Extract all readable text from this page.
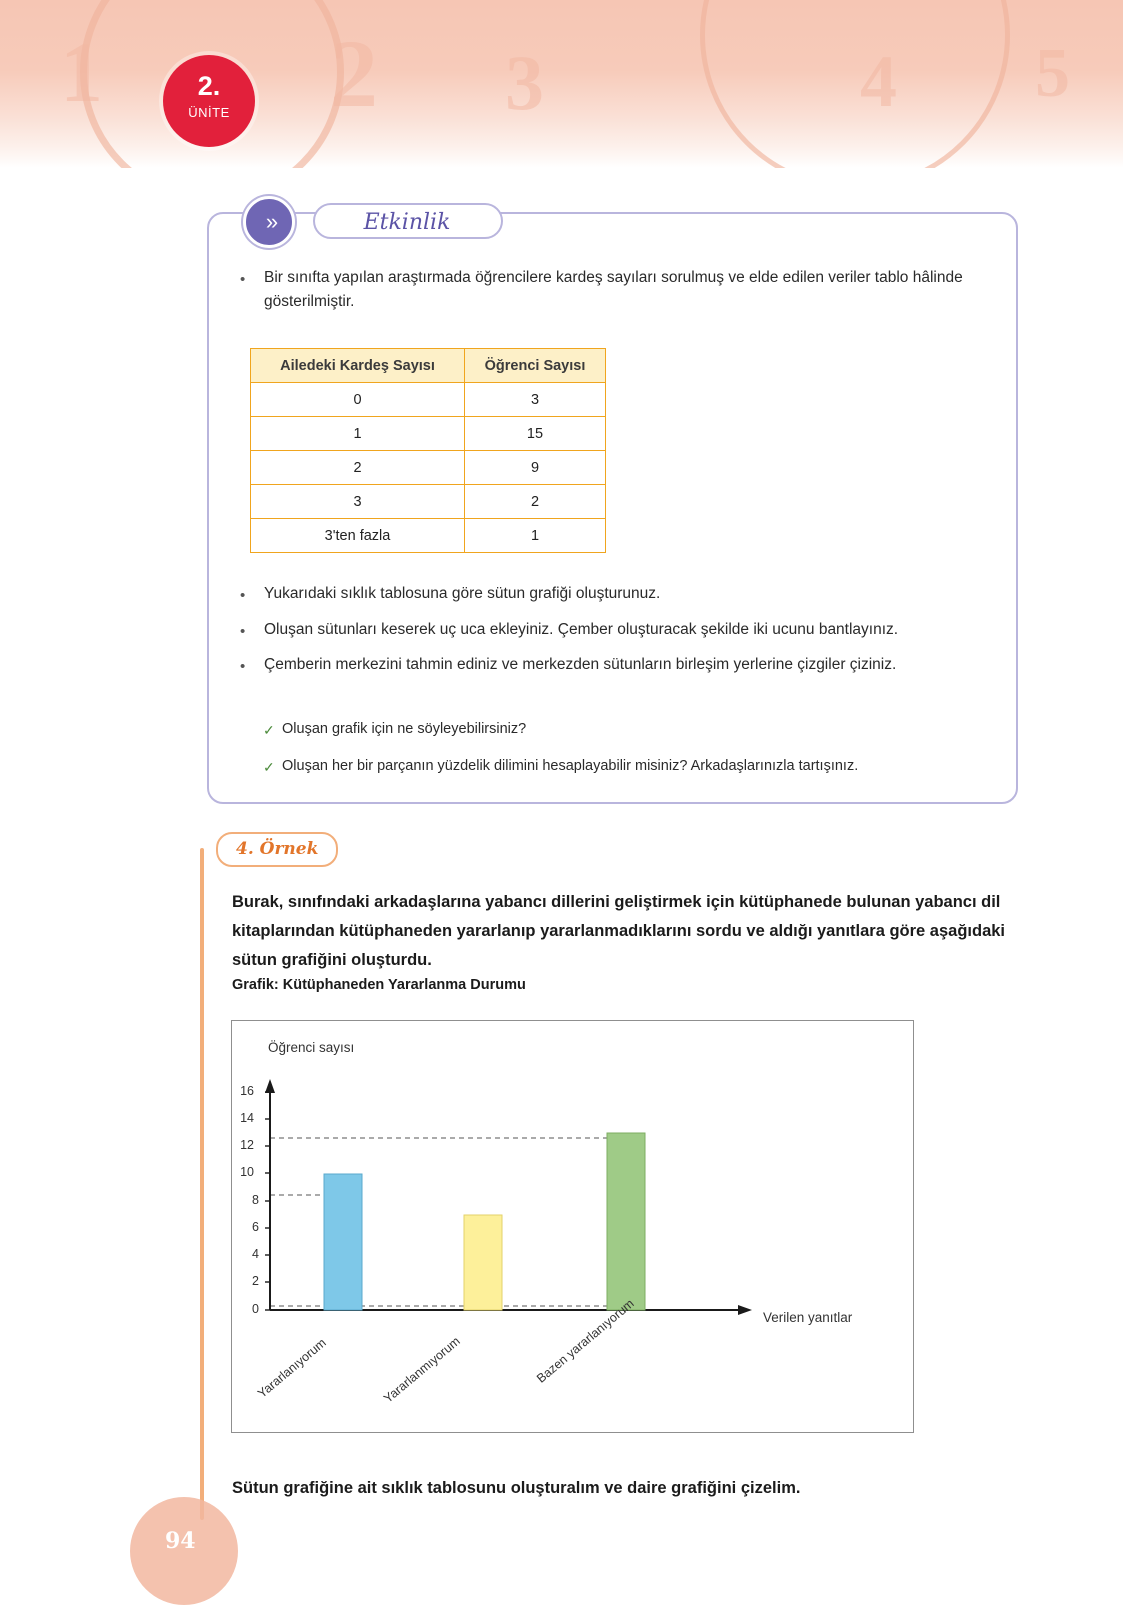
1 2 3	4 5
2.
ÜNİTE
Etkinlik
»
• Bir sınıfta yapılan araştırmada öğrencilere kardeş sayıları sorulmuş ve elde edilen veriler tablo hâlinde gösterilmiştir.
Ailedeki Kardeş Sayısı	Öğrenci Sayısı
0	3
1	15
2	9
3	2
3'ten fazla	1
• Yukarıdaki sıklık tablosuna göre sütun grafiği oluşturunuz.
• Oluşan sütunları keserek uç uca ekleyiniz. Çember oluşturacak şekilde iki ucunu bantlayınız.
• Çemberin merkezini tahmin ediniz ve merkezden sütunların birleşim yerlerine çizgiler çiziniz.
✓ Oluşan grafik için ne söyleyebilirsiniz?
✓ Oluşan her bir parçanın yüzdelik dilimini hesaplayabilir misiniz? Arkadaşlarınızla tartışınız.
4. Örnek
Burak, sınıfındaki arkadaşlarına yabancı dillerini geliştirmek için kütüphanede bulunan yabancı dil kitaplarından kütüphaneden yararlanıp yararlanmadıklarını sordu ve aldığı yanıtlara göre aşağıdaki sütun grafiğini oluşturdu.
Grafik: Kütüphaneden Yararlanma Durumu
Öğrenci sayısı
Verilen yanıtlar
0
2
4
6
8
10
12
14
16
Yararlanıyorum	Yararlanmıyorum	Bazen yararlanıyorum
Sütun grafiğine ait sıklık tablosunu oluşturalım ve daire grafiğini çizelim.
94
